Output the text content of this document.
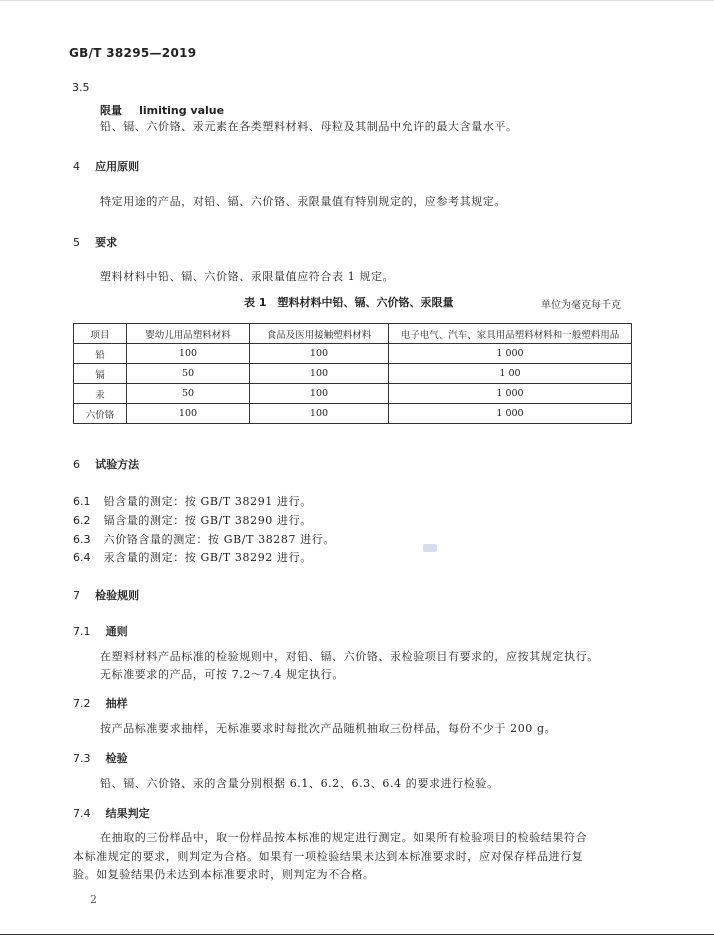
GB/T 38295—2019
3.5
限量 limiting value
铅、镉、六价铬、汞元素在各类塑料材料、母粒及其制品中允许的最大含量水平。
4 应用原则
特定用途的产品，对铅、镉、六价铬、汞限量值有特别规定的，应参考其规定。
5 要求
塑料材料中铅、镉、六价铬、汞限量值应符合表 1 规定。
表 1　塑料材料中铅、镉、六价铬、汞限量	单位为毫克每千克
项目	婴幼儿用品塑料材料	食品及医用接触塑料材料	电子电气、汽车、家具用品塑料材料和一般塑料用品
铅	100	100	1 000
镉	50	100	1 00
汞	50	100	1 000
六价铬	100	100	1 000
6 试验方法
6.1 铅含量的测定：按 GB/T 38291 进行。
6.2 镉含量的测定：按 GB/T 38290 进行。
6.3 六价铬含量的测定：按 GB/T 38287 进行。
6.4 汞含量的测定：按 GB/T 38292 进行。
7 检验规则
7.1 通则
在塑料材料产品标准的检验规则中，对铅、镉、六价铬、汞检验项目有要求的，应按其规定执行。
无标准要求的产品，可按 7.2～7.4 规定执行。
7.2 抽样
按产品标准要求抽样，无标准要求时每批次产品随机抽取三份样品，每份不少于 200 g。
7.3 检验
铅、镉、六价铬、汞的含量分别根据 6.1、6.2、6.3、6.4 的要求进行检验。
7.4 结果判定
在抽取的三份样品中，取一份样品按本标准的规定进行测定。如果所有检验项目的检验结果符合
本标准规定的要求，则判定为合格。如果有一项检验结果未达到本标准要求时，应对保存样品进行复
验。如复验结果仍未达到本标准要求时，则判定为不合格。
2
